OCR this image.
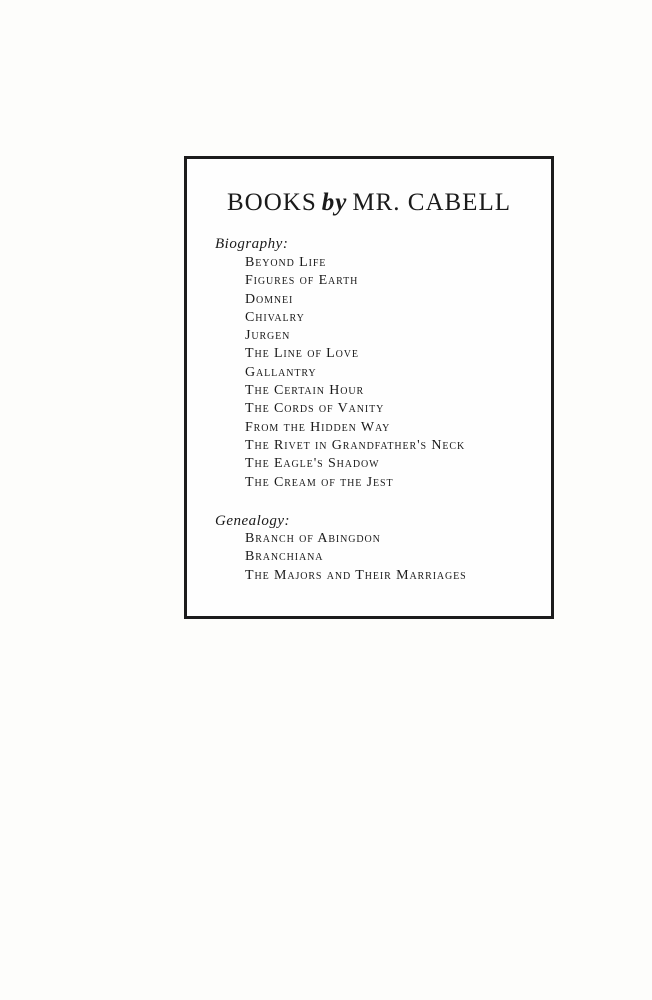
BOOKS by MR. CABELL
Biography:
Beyond Life
Figures of Earth
Domnei
Chivalry
Jurgen
The Line of Love
Gallantry
The Certain Hour
The Cords of Vanity
From the Hidden Way
The Rivet in Grandfather's Neck
The Eagle's Shadow
The Cream of the Jest
Genealogy:
Branch of Abingdon
Branchiana
The Majors and Their Marriages
